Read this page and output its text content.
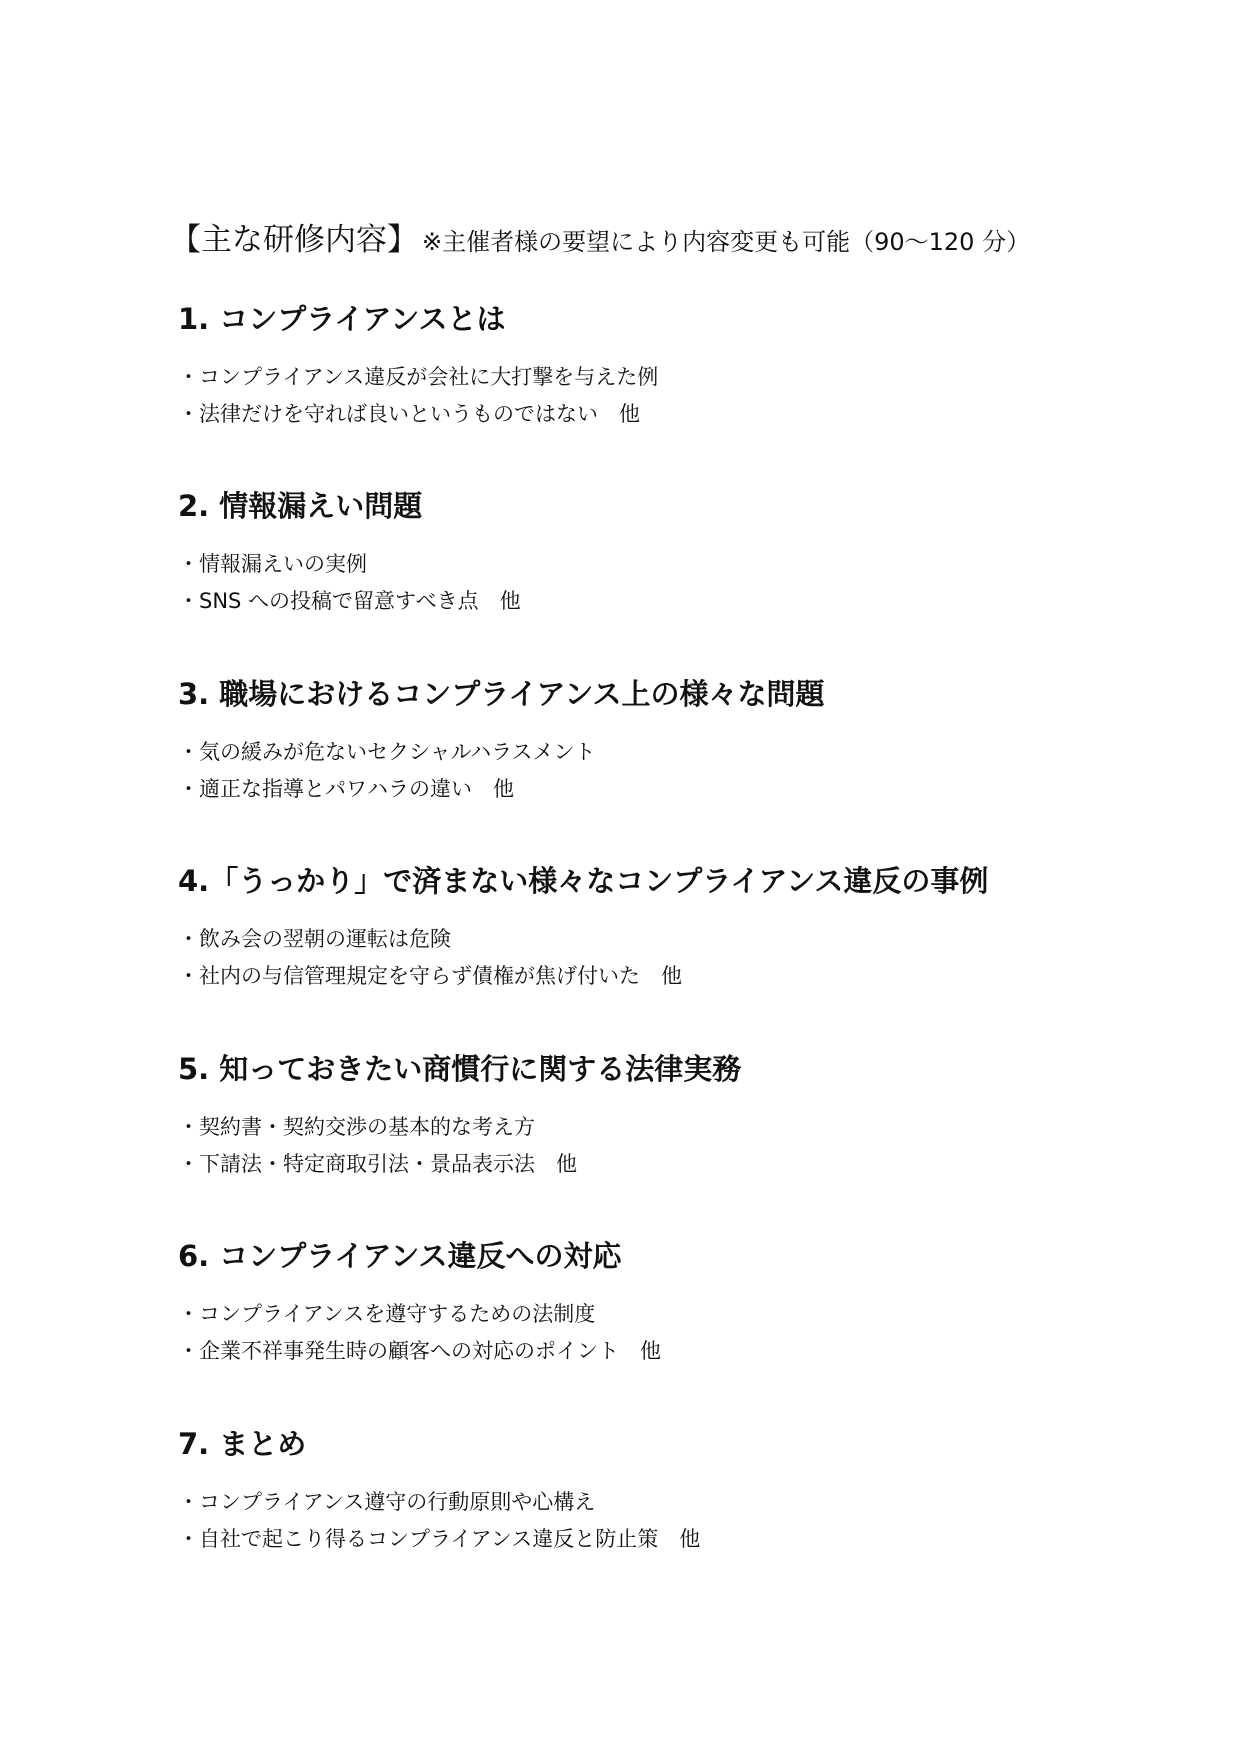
【主な研修内容】 ※主催者様の要望により内容変更も可能（90～120 分）
1. コンプライアンスとは
・コンプライアンス違反が会社に大打撃を与えた例
・法律だけを守れば良いというものではない　他
2. 情報漏えい問題
・情報漏えいの実例
・SNS への投稿で留意すべき点　他
3. 職場におけるコンプライアンス上の様々な問題
・気の緩みが危ないセクシャルハラスメント
・適正な指導とパワハラの違い　他
4.「うっかり」で済まない様々なコンプライアンス違反の事例
・飲み会の翌朝の運転は危険
・社内の与信管理規定を守らず債権が焦げ付いた　他
5. 知っておきたい商慣行に関する法律実務
・契約書・契約交渉の基本的な考え方
・下請法・特定商取引法・景品表示法　他
6. コンプライアンス違反への対応
・コンプライアンスを遵守するための法制度
・企業不祥事発生時の顧客への対応のポイント　他
7. まとめ
・コンプライアンス遵守の行動原則や心構え
・自社で起こり得るコンプライアンス違反と防止策　他
